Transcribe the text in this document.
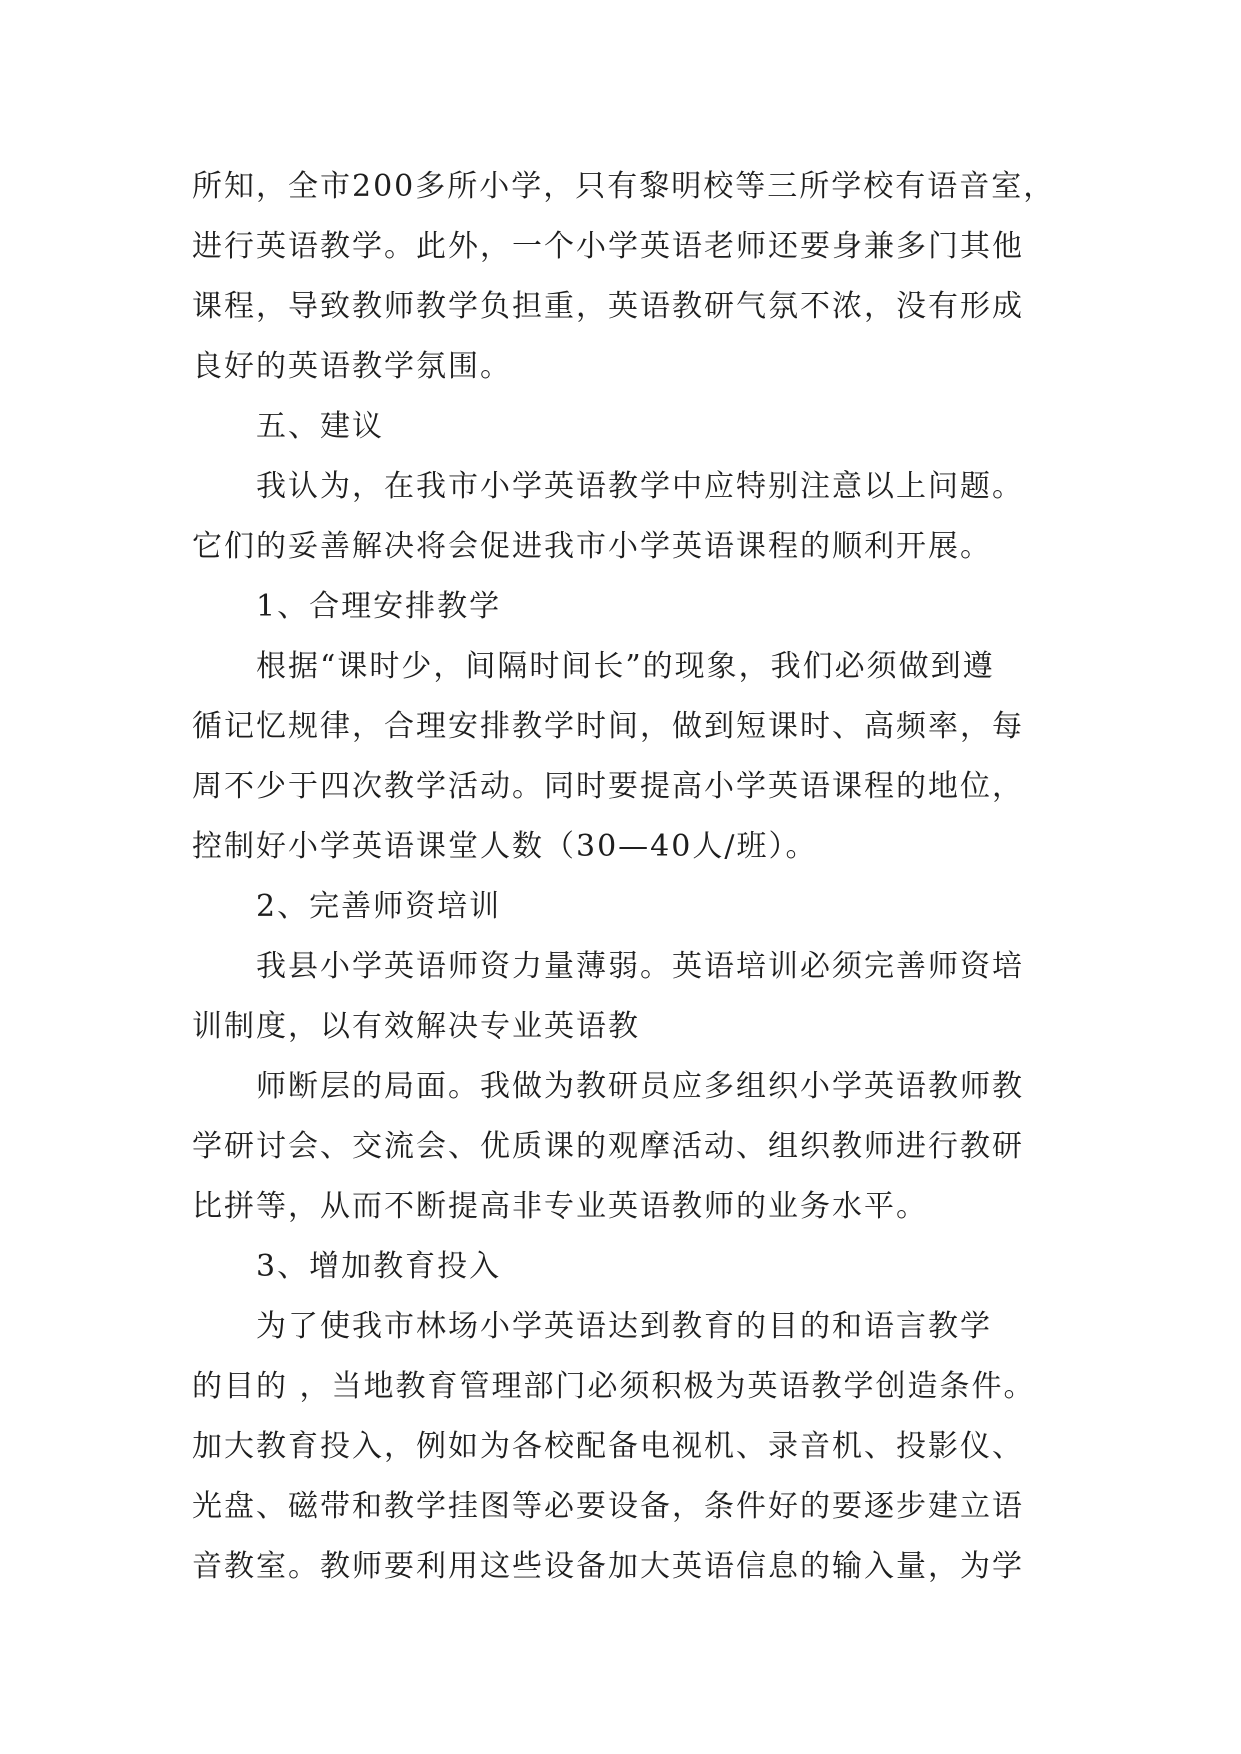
所知，全市200多所小学，只有黎明校等三所学校有语音室，
进行英语教学。此外，一个小学英语老师还要身兼多门其他
课程，导致教师教学负担重，英语教研气氛不浓，没有形成
良好的英语教学氛围。
五、建议
我认为，在我市小学英语教学中应特别注意以上问题。
它们的妥善解决将会促进我市小学英语课程的顺利开展。
1、合理安排教学
根据“课时少，间隔时间长”的现象，我们必须做到遵
循记忆规律，合理安排教学时间，做到短课时、高频率，每
周不少于四次教学活动。同时要提高小学英语课程的地位，
控制好小学英语课堂人数（30—40人/班）。
2、完善师资培训
我县小学英语师资力量薄弱。英语培训必须完善师资培
训制度，以有效解决专业英语教
师断层的局面。我做为教研员应多组织小学英语教师教
学研讨会、交流会、优质课的观摩活动、组织教师进行教研
比拼等，从而不断提高非专业英语教师的业务水平。
3、增加教育投入
为了使我市林场小学英语达到教育的目的和语言教学
的目的 ，当地教育管理部门必须积极为英语教学创造条件。
加大教育投入，例如为各校配备电视机、录音机、投影仪、
光盘、磁带和教学挂图等必要设备，条件好的要逐步建立语
音教室。教师要利用这些设备加大英语信息的输入量，为学
